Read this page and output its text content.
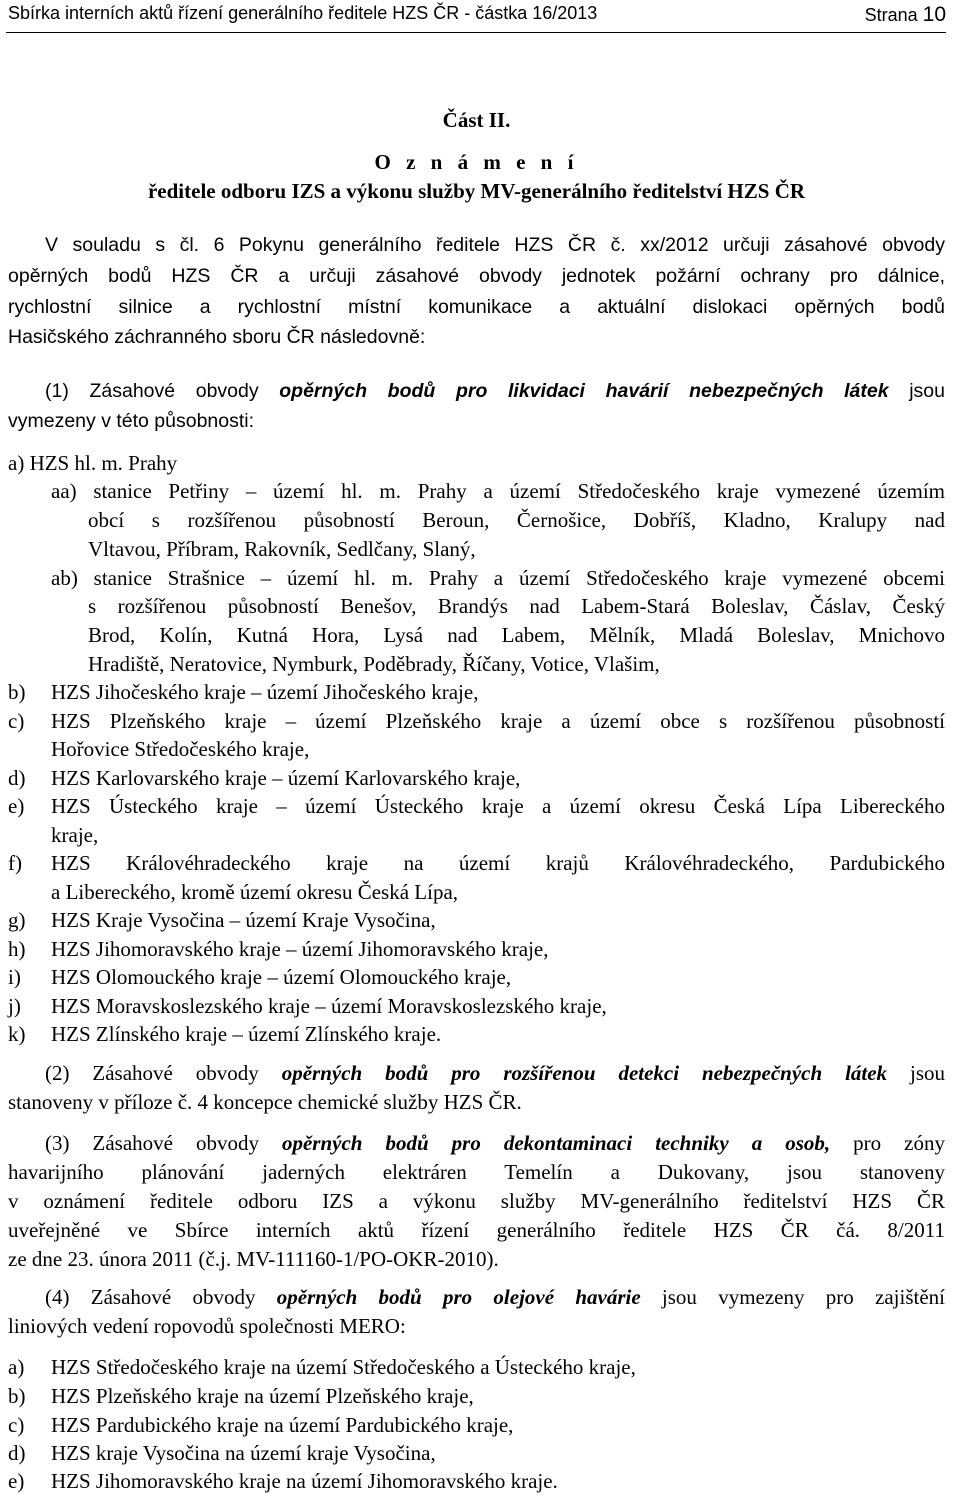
Sbírka interních aktů řízení generálního ředitele HZS ČR - částka 16/2013	Strana 10
Část II.
O z n á m e n í
ředitele odboru IZS a výkonu služby MV-generálního ředitelství HZS ČR
V souladu s čl. 6 Pokynu generálního ředitele HZS ČR č. xx/2012 určuji zásahové obvody
opěrných bodů HZS ČR a určuji zásahové obvody jednotek požární ochrany pro dálnice,
rychlostní silnice a rychlostní místní komunikace a aktuální dislokaci opěrných bodů
Hasičského záchranného sboru ČR následovně:
(1) Zásahové obvody opěrných bodů pro likvidaci havárií nebezpečných látek jsou
vymezeny v této působnosti:
a) HZS hl. m. Prahy
aa) stanice Petřiny – území hl. m. Prahy a území Středočeského kraje vymezené územím
obcí s rozšířenou působností Beroun, Černošice, Dobříš, Kladno, Kralupy nad
Vltavou, Příbram, Rakovník, Sedlčany, Slaný,
ab) stanice Strašnice – území hl. m. Prahy a území Středočeského kraje vymezené obcemi
s rozšířenou působností Benešov, Brandýs nad Labem-Stará Boleslav, Čáslav, Český
Brod, Kolín, Kutná Hora, Lysá nad Labem, Mělník, Mladá Boleslav, Mnichovo
Hradiště, Neratovice, Nymburk, Poděbrady, Říčany, Votice, Vlašim,
b) HZS Jihočeského kraje – území Jihočeského kraje,
c) HZS Plzeňského kraje – území Plzeňského kraje a území obce s rozšířenou působností
Hořovice Středočeského kraje,
d) HZS Karlovarského kraje – území Karlovarského kraje,
e) HZS Ústeckého kraje – území Ústeckého kraje a území okresu Česká Lípa Libereckého
kraje,
f) HZS Královéhradeckého kraje na území krajů Královéhradeckého, Pardubického
a Libereckého, kromě území okresu Česká Lípa,
g) HZS Kraje Vysočina – území Kraje Vysočina,
h) HZS Jihomoravského kraje – území Jihomoravského kraje,
i) HZS Olomouckého kraje – území Olomouckého kraje,
j) HZS Moravskoslezského kraje – území Moravskoslezského kraje,
k) HZS Zlínského kraje – území Zlínského kraje.
(2) Zásahové obvody opěrných bodů pro rozšířenou detekci nebezpečných látek jsou
stanoveny v příloze č. 4 koncepce chemické služby HZS ČR.
(3) Zásahové obvody opěrných bodů pro dekontaminaci techniky a osob, pro zóny
havarijního plánování jaderných elektráren Temelín a Dukovany, jsou stanoveny
v oznámení ředitele odboru IZS a výkonu služby MV-generálního ředitelství HZS ČR
uveřejněné ve Sbírce interních aktů řízení generálního ředitele HZS ČR čá. 8/2011
ze dne 23. února 2011 (č.j. MV-111160-1/PO-OKR-2010).
(4) Zásahové obvody opěrných bodů pro olejové havárie jsou vymezeny pro zajištění
liniových vedení ropovodů společnosti MERO:
a) HZS Středočeského kraje na území Středočeského a Ústeckého kraje,
b) HZS Plzeňského kraje na území Plzeňského kraje,
c) HZS Pardubického kraje na území Pardubického kraje,
d) HZS kraje Vysočina na území kraje Vysočina,
e) HZS Jihomoravského kraje na území Jihomoravského kraje.
